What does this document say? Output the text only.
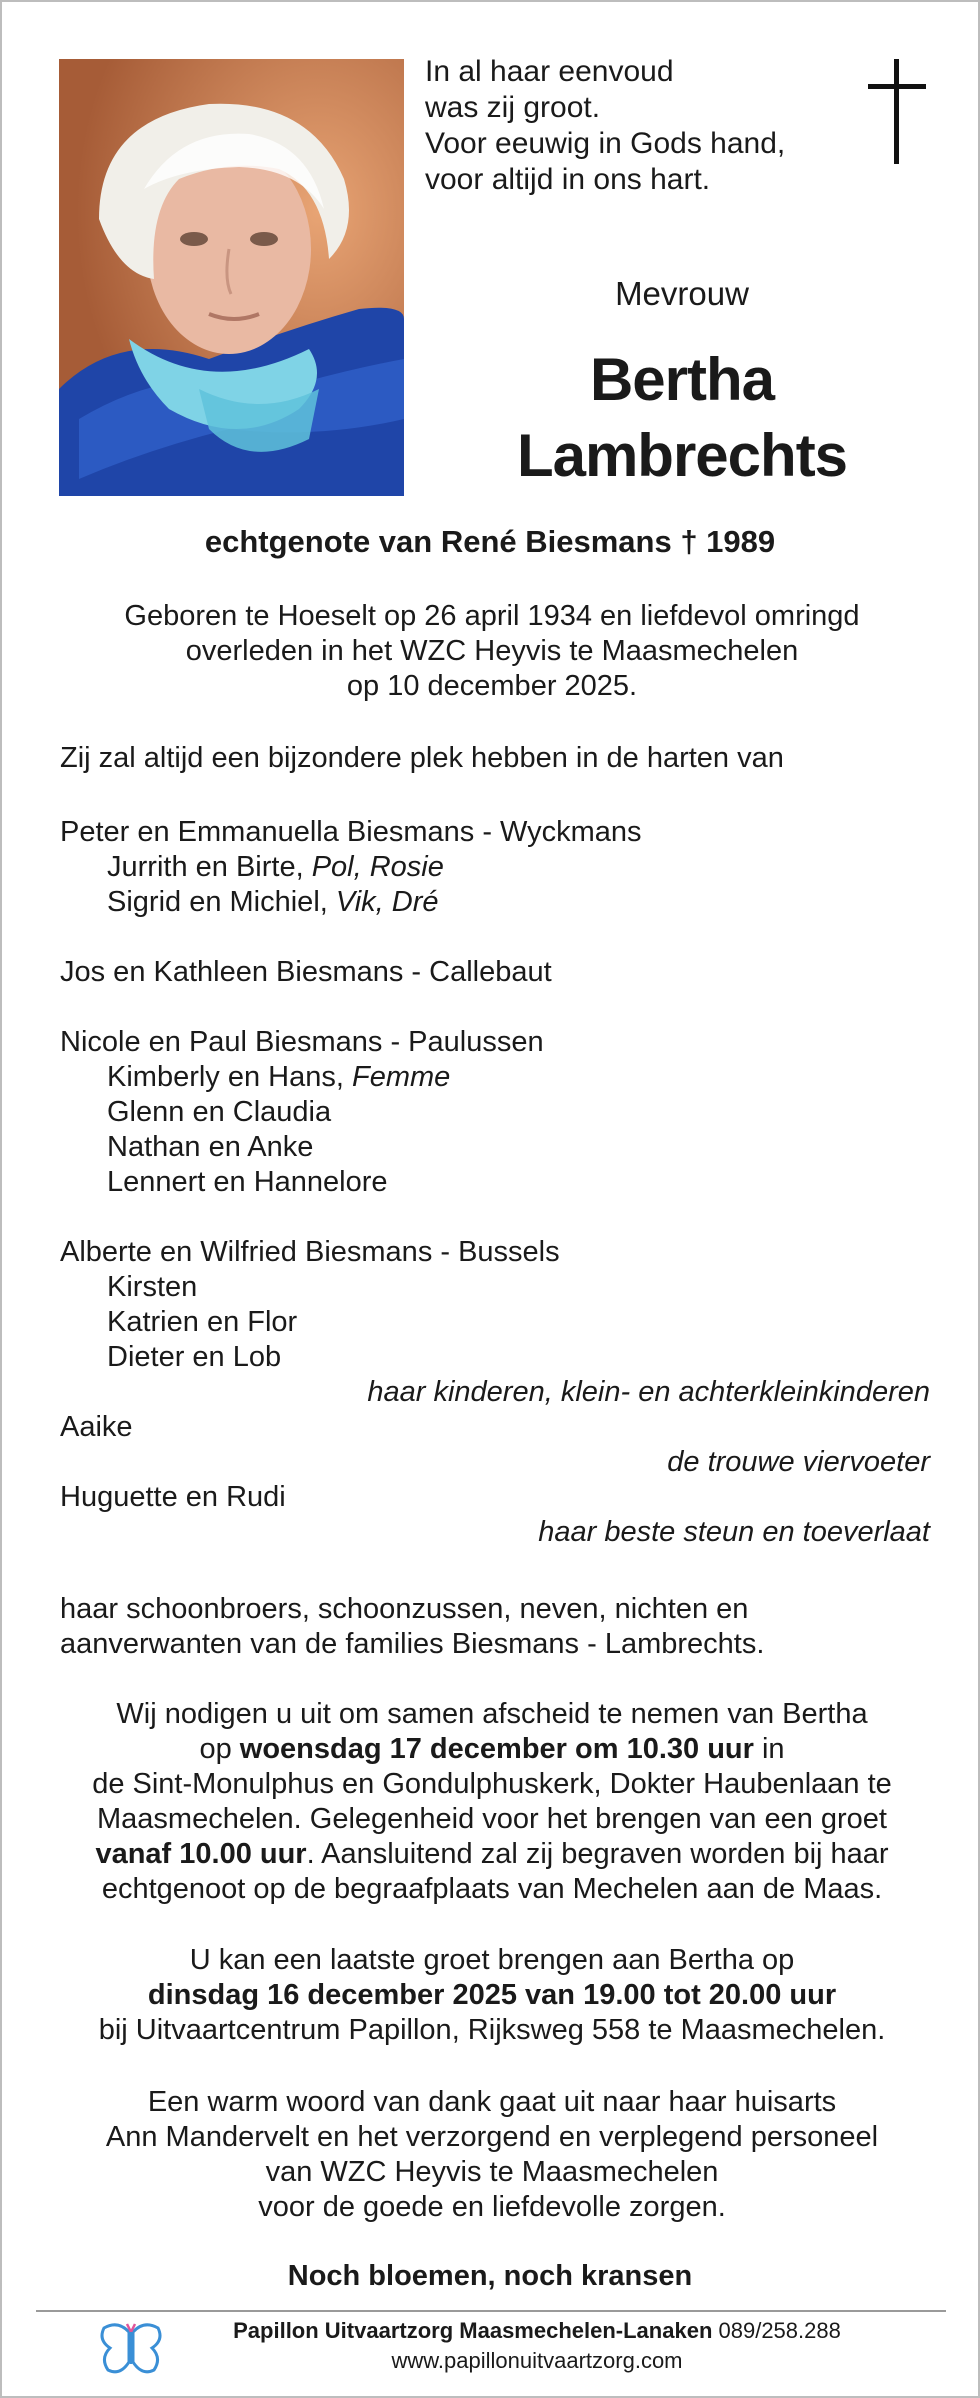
In al haar eenvoud
was zij groot.
Voor eeuwig in Gods hand,
voor altijd in ons hart.
Mevrouw
Bertha
Lambrechts
echtgenote van René Biesmans † 1989
Geboren te Hoeselt op 26 april 1934 en liefdevol omringd
overleden in het WZC Heyvis te Maasmechelen
op 10 december 2025.
Zij zal altijd een bijzondere plek hebben in de harten van
Peter en Emmanuella Biesmans - Wyckmans
Jurrith en Birte, Pol, Rosie
Sigrid en Michiel, Vik, Dré
Jos en Kathleen Biesmans - Callebaut
Nicole en Paul Biesmans - Paulussen
Kimberly en Hans, Femme
Glenn en Claudia
Nathan en Anke
Lennert en Hannelore
Alberte en Wilfried Biesmans - Bussels
Kirsten
Katrien en Flor
Dieter en Lob
haar kinderen, klein- en achterkleinkinderen
Aaike
de trouwe viervoeter
Huguette en Rudi
haar beste steun en toeverlaat
haar schoonbroers, schoonzussen, neven, nichten en
aanverwanten van de families Biesmans - Lambrechts.
Wij nodigen u uit om samen afscheid te nemen van Bertha
op woensdag 17 december om 10.30 uur in
de Sint-Monulphus en Gondulphuskerk, Dokter Haubenlaan te
Maasmechelen. Gelegenheid voor het brengen van een groet
vanaf 10.00 uur. Aansluitend zal zij begraven worden bij haar
echtgenoot op de begraafplaats van Mechelen aan de Maas.
U kan een laatste groet brengen aan Bertha op
dinsdag 16 december 2025 van 19.00 tot 20.00 uur
bij Uitvaartcentrum Papillon, Rijksweg 558 te Maasmechelen.
Een warm woord van dank gaat uit naar haar huisarts
Ann Mandervelt en het verzorgend en verplegend personeel
van WZC Heyvis te Maasmechelen
voor de goede en liefdevolle zorgen.
Noch bloemen, noch kransen
Papillon Uitvaartzorg Maasmechelen-Lanaken 089/258.288
www.papillonuitvaartzorg.com
